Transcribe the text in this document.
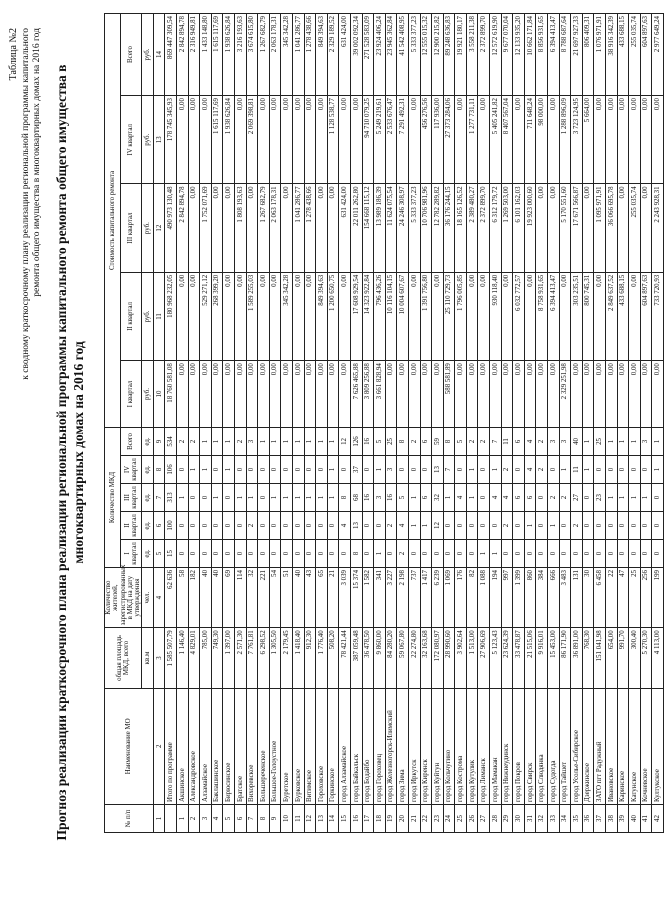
Таблица №2 к сводному краткосрочному плану реализации региональной программы капитального ремонта общего имущества в многоквартирных домах на 2016 год Прогноз реализации краткосрочного плана реализации региональной программы капитального ремонта общего имущества в многоквартирных домах на 2016 год
№ п/п	Наименование МО	общая площадь МКД, всего	Количество жителей, зарегистрированных в МКД на дату утверждения	Количество МКД					Стоимость капитального ремонта				
				I квартал	II квартал	III квартал	IV квартал	Всего	I квартал	II квартал	III квартал	IV квартал	Всего
		кв.м	чел.	ед.	ед.	ед.	ед.	ед.	руб.	руб.	руб.	руб.	руб.
1	2	3	4	5	6	7	8	9	10	11	12	13	14
	Итого по программе	1 585 507,79	62 636	15	100	313	106	534	18 760 581,08	180 968 232,05	490 973 130,48	178 745 345,93	869 447 309,54
1	Акшинское	1 146,40	58	0	0	1	0	2	0,00	0,00	2 842 894,78	0,00	2 842 894,78
2	Александровское	4 829,01	182	0	0	0	1	2	0,00	0,00	0,00	0,00	2 316 949,81
3	Алзамайское	785,00	40	0	0	0	1	1	0,00	529 271,12	1 752 071,69	0,00	1 433 148,80
4	Баклашинское	749,30	40	0	0	1	0	1	0,00	268 399,20	0,00	1 615 117,69	1 615 117,69
5	Бирюсинское	1 397,00	69	0	0	0	1	1	0,00	0,00	0,00	1 938 626,84	1 938 626,84
6	Братское	2 571,30	114	0	0	1	0	2	0,00	0,00	1 808 193,63	0,00	3 216 193,63
7	Вихоревское	7 761,81	32	0	2	1	0	3	0,00	1 589 255,03	0,00	2 069 398,81	3 674 615,80
8	Большереченское	6 298,52	221	0	0	0	0	1	0,00	0,00	1 267 682,79	0,00	1 267 682,79
9	Большое-Голоустное	1 305,50	54	0	0	1	0	1	0,00	0,00	2 063 178,31	0,00	2 063 178,31
10	Буретское	2 179,45	51	0	0	1	0	1	0,00	345 342,28	0,00	0,00	345 342,28
11	Бурковское	1 418,40	40	0	0	1	0	1	0,00	0,00	1 041 286,77	0,00	1 041 286,77
12	Витимское	912,30	43	0	0	1	0	1	0,00	0,00	1 278 438,66	0,00	1 278 438,66
13	Гороховское	1 776,40	65	0	0	1	0	1	0,00	849 394,63	0,00	0,00	849 394,63
14	Горкинское	508,20	21	0	0	1	1	1	0,00	1 200 650,75	0,00	1 128 538,77	2 329 189,52
15	город Алзамайское	78 421,44	3 039	0	4	8	0	12	0,00	0,00	631 424,00	0,00	631 424,00
16	город Байкальск	387 059,48	15 374	8	13	68	37	126	7 626 465,88	17 608 929,54	22 011 262,80	0,00	39 002 092,34
17	город Бодайбо	36 478,50	1 582	0	0	16	0	16	3 809 256,88	14 323 922,84	154 668 115,12	94 710 079,25	271 528 583,09
18	город Гороховец	9 860,00	341	1	0	3	1	5	3 661 828,94	796 436,26	13 989 186,39	5 249 219,61	23 924 406,24
19	город Железногорск-Илимский	84 280,20	3 227	0	2	16	3	25	0,00	10 116 104,15	11 624 075,54	2 533 676,47	23 945 362,84
20	город Зима	59 067,80	2 198	2	4	5	0	8	0,00	10 004 607,67	24 246 308,97	7 291 492,31	41 542 408,95
21	город Иркутск	22 274,80	737	0	1	1	0	2	0,00	0,00	5 333 377,23	0,00	5 333 377,23
22	город Киренск	32 163,68	1 417	0	1	6	0	6	0,00	1 391 756,80	10 706 981,96	456 276,56	12 555 015,32
23	город Куйтун	172 080,97	6 239	0	12	32	13	59	0,00	0,00	12 782 289,82	117 936,00	12 900 215,82
24	город Кольчугино	28 990,60	1 069	0	0	1	7	8	588 581,89	25 110 729,73	36 176 244,15	27 373 284,06	89 248 636,83
25	город Кострома	3 902,64	176	0	0	4	0	5	0,00	1 796 005,85	18 165 126,52	0,00	19 921 180,17
26	город Кутулик	1 513,00	82	0	0	1	1	2	0,00	0,00	2 389 480,27	1 277 731,11	3 558 211,38
27	город Лиманск	27 906,69	1 088	1	0	0	0	2	0,00	0,00	2 372 899,70	0,00	2 372 899,70
28	город Мамакан	5 123,43	194	1	0	4	1	7	0,00	930 118,40	6 312 179,72	5 405 241,82	12 572 619,90
29	город Нижнеудинск	23 624,39	997	0	2	4	2	11	0,00	0,00	1 269 503,00	8 407 567,04	9 677 070,04
30	город Покров	33 478,87	1 399	0	0	6	0	6	0,00	6 032 772,57	6 101 162,03	0,00	12 133 935,20
31	город Свирск	21 515,06	860	0	1	6	4	4	0,00	0,00	19 923 000,60	711 648,24	10 662 171,84
32	город Слюдянка	9 916,01	384	0	0	0	2	2	0,00	8 758 931,65	0,00	98 000,00	8 856 931,65
33	город Судогда	15 453,00	666	0	1	2	0	3	0,00	6 394 413,47	0,00	0,00	6 394 413,47
34	город Тайшет	86 171,90	3 483	0	0	2	1	3	2 329 251,98	0,00	5 170 551,60	1 288 896,09	8 788 687,64
35	город Усолье-Сибирское	36 891,00	131	0	2	27	11	40	0,00	303 235,51	17 671 566,87	3 723 124,95	21 697 927,33
36	Дзержинское	768,30	30	0	0	0	1	1	0,00	800 745,31	0,00	5 664,00	806 409,31
37	ЗАТО пгт Радужный	151 041,98	6 458	0	0	23	0	25	0,00	0,00	1 095 971,91	0,00	1 076 971,91
38	Ивановское	654,00	22	0	0	1	0	1	0,00	2 849 637,52	36 066 695,78	0,00	38 916 342,39
39	Каринское	991,70	47	0	0	1	0	1	0,00	433 688,15	0,00	0,00	433 688,15
40	Катунское	300,40	25	0	0	1	0	1	0,00	0,00	255 035,74	0,00	255 035,74
41	Кочневское	5 270,30	256	0	0	1	0	3	0,00	604 897,63	0,00	0,00	604 897,63
42	Култукское	4 113,00	199	0	0	0	1	1	0,00	733 720,93	2 243 928,31	0,00	2 977 649,24
